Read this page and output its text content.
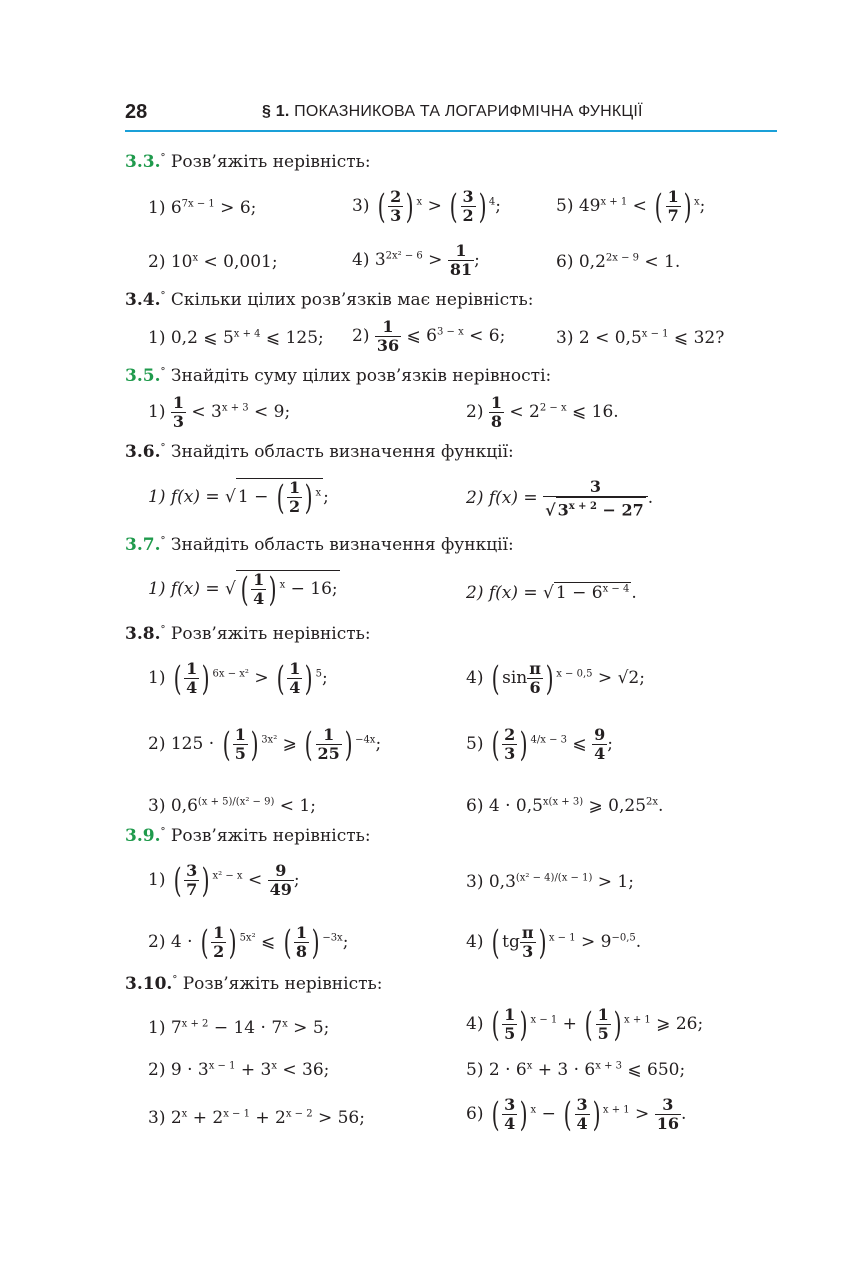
28	§ 1. ПОКАЗНИКОВА ТА ЛОГАРИФМІЧНА ФУНКЦІЇ
3.3.° Розв’яжіть нерівність:
1) $6^{7x - 1} > 6$;	3) ( $\frac{2}{3}$ ) $^x$ > ( $\frac{3}{2}$ ) $^4$;	5) $49^{x + 1}$ < ( $\frac{1}{7}$ ) $^x$;
2) $10^x < 0,001$;	4) $3^{2x^2 - 6} > \frac{1}{81}$ ;	6) $0,2^{2x - 9} < 1$.
3.4.° Скільки цілих розв’язків має нерівність:
1) 0,2 ⩽ $5^{x + 4}$ ⩽ 125; $2) \frac{1}{36}$ ⩽ $6^{3 - x} < 6$;	3) $2 < 0,5^{x - 1}$ ⩽ 32?
3.5.° Знайдіть суму цілих розв’язків нерівності:
$1) \frac{1}{3} < 3^{x + 3} < 9$;	$2) \frac{1}{8} < 2^{2 - x}$ ⩽ 16.
3.6.° Знайдіть область визначення функції:
1) f(x) = √ 1 − ( $\frac{1}{2}$ ) $^x$ ;	2) $f(x) = \frac{3}{√ 3^{x + 2} - 27}$ .
3.7.° Знайдіть область визначення функції:
1) f(x) = √ ( $\frac{1}{4}$ ) $^x$ − 16;	2) f(x) = √ $1 - 6^{x - 4}$ .
3.8.° Розв’яжіть нерівність:
1) ( $\frac{1}{4}$ ) $^{6x - x^2}$ > ( $\frac{1}{4}$ ) $^5$;	4) ( $\sin \frac{\pi}{6}$ ) $^{x - 0,5}$ > √2;
2) 125 · ( $\frac{1}{5}$ ) $^{3x^2}$ ⩾ ( $\frac{1}{25}$ ) $^{-4x}$;	5) ( $\frac{2}{3}$ ) $^{4/x - 3}$ ⩽ $\frac{9}{4}$ ;
3) $0,6^{(x + 5)/(x^2 - 9)} < 1$;	6) $4 \cdot 0,5^{x(x + 3)}$ ⩾ $0,25^{2x}$.
3.9.° Розв’яжіть нерівність:
1) ( $\frac{3}{7}$ ) $^{x^2 - x} < \frac{9}{49}$ ;	3) $0,3^{(x^2 - 4)/(x - 1)} > 1$;
2) 4 · ( $\frac{1}{2}$ ) $^{5x^2}$ ⩽ ( $\frac{1}{8}$ ) $^{-3x}$;	4) ( tg $\frac{\pi}{3}$ ) $^{x - 1} > 9^{-0,5}$.
3.10.° Розв’яжіть нерівність:
1) $7^{x + 2} - 14 \cdot 7^x > 5$;	4) ( $\frac{1}{5}$ ) $^{x - 1}$ + ( $\frac{1}{5}$ ) $^{x + 1}$ ⩾ 26;
2) $9 \cdot 3^{x - 1} + 3^x < 36$;	5) $2 \cdot 6^x + 3 \cdot 6^{x + 3}$ ⩽ 650;
3) $2^x + 2^{x - 1} + 2^{x - 2} > 56$;	6) ( $\frac{3}{4}$ ) $^x$ − ( $\frac{3}{4}$ ) $^{x + 1} > \frac{3}{16}$ .
